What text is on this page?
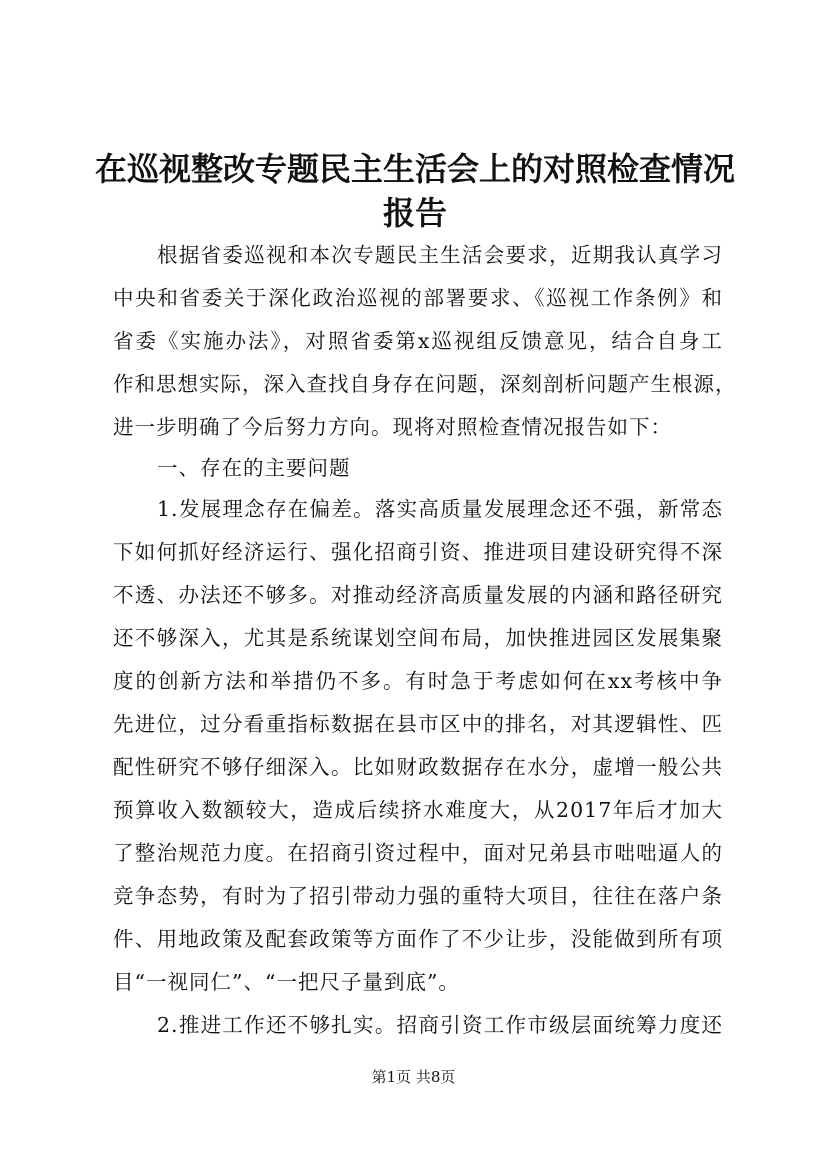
在巡视整改专题民主生活会上的对照检查情况
报告
根据省委巡视和本次专题民主生活会要求，近期我认真学习
中央和省委关于深化政治巡视的部署要求、《巡视工作条例》和
省委《实施办法》，对照省委第x巡视组反馈意见，结合自身工
作和思想实际，深入查找自身存在问题，深刻剖析问题产生根源，
进一步明确了今后努力方向。现将对照检查情况报告如下：
一、存在的主要问题
1.发展理念存在偏差。落实高质量发展理念还不强，新常态
下如何抓好经济运行、强化招商引资、推进项目建设研究得不深
不透、办法还不够多。对推动经济高质量发展的内涵和路径研究
还不够深入，尤其是系统谋划空间布局，加快推进园区发展集聚
度的创新方法和举措仍不多。有时急于考虑如何在xx考核中争
先进位，过分看重指标数据在县市区中的排名，对其逻辑性、匹
配性研究不够仔细深入。比如财政数据存在水分，虚增一般公共
预算收入数额较大，造成后续挤水难度大，从2017年后才加大
了整治规范力度。在招商引资过程中，面对兄弟县市咄咄逼人的
竞争态势，有时为了招引带动力强的重特大项目，往往在落户条
件、用地政策及配套政策等方面作了不少让步，没能做到所有项
目“一视同仁”、“一把尺子量到底”。
2.推进工作还不够扎实。招商引资工作市级层面统筹力度还
第1页 共8页
